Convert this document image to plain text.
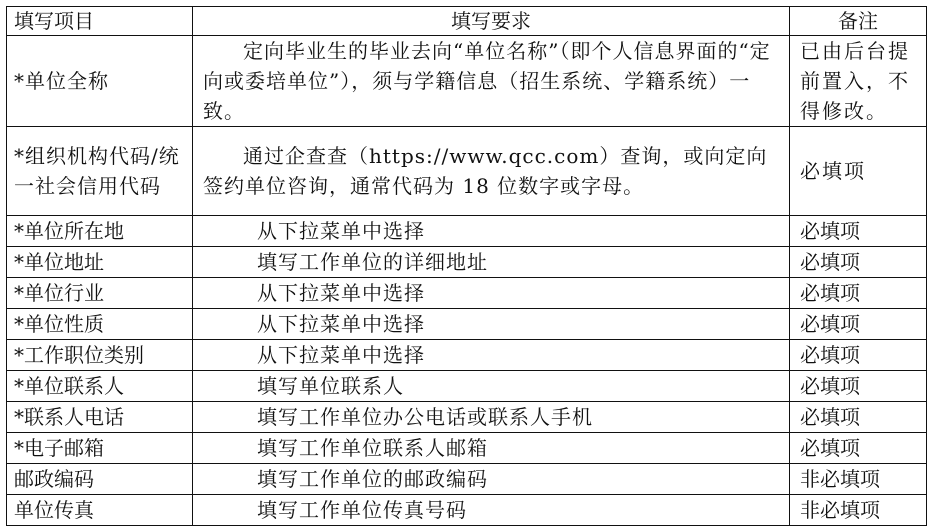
填写项目	填写要求	备注

*单位全称	定向毕业生的毕业去向“单位名称”（即个人信息界面的“定向或委培单位”），须与学籍信息（招生系统、学籍系统）一致。	已由后台提前置入，不得修改。

*组织机构代码/统一社会信用代码	通过企查查（https://www.qcc.com）查询，或向定向签约单位咨询，通常代码为 18 位数字或字母。	必填项

*单位所在地	从下拉菜单中选择	必填项
*单位地址	填写工作单位的详细地址	必填项
*单位行业	从下拉菜单中选择	必填项
*单位性质	从下拉菜单中选择	必填项
*工作职位类别	从下拉菜单中选择	必填项
*单位联系人	填写单位联系人	必填项
*联系人电话	填写工作单位办公电话或联系人手机	必填项
*电子邮箱	填写工作单位联系人邮箱	必填项
邮政编码	填写工作单位的邮政编码	非必填项
单位传真	填写工作单位传真号码	非必填项
